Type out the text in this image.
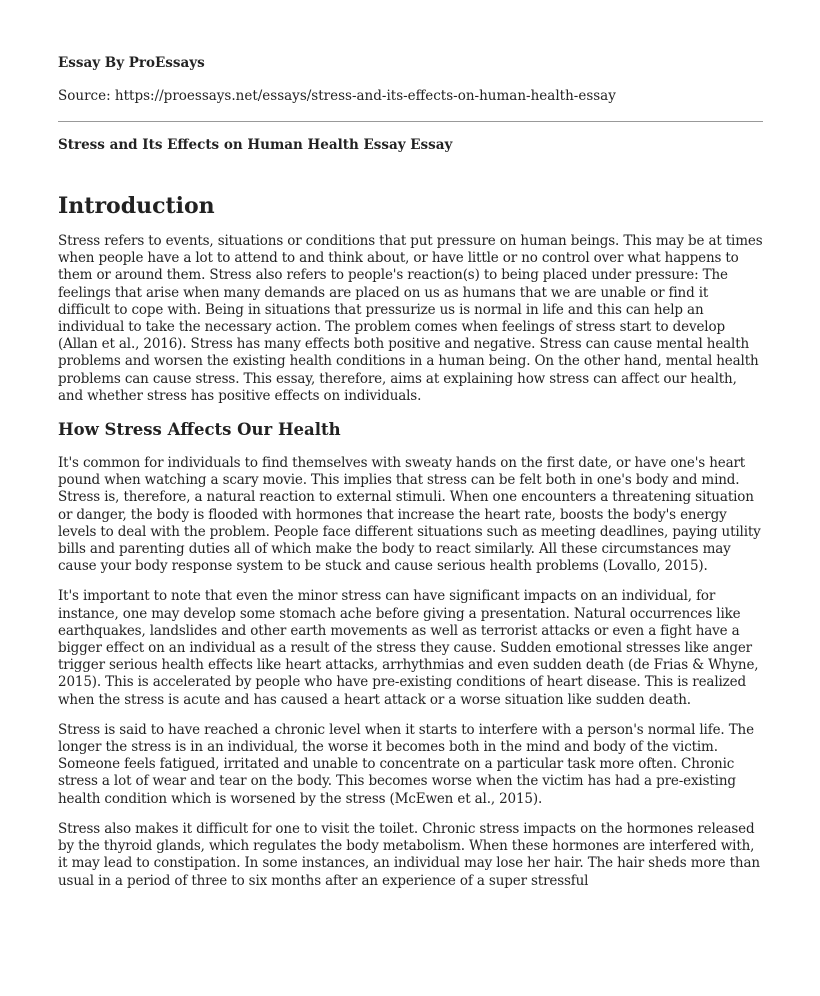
Essay By ProEssays
Source: https://proessays.net/essays/stress-and-its-effects-on-human-health-essay
Stress and Its Effects on Human Health Essay Essay
Introduction

Stress refers to events, situations or conditions that put pressure on human beings. This may be at times when people have a lot to attend to and think about, or have little or no control over what happens to them or around them. Stress also refers to people's reaction(s) to being placed under pressure: The feelings that arise when many demands are placed on us as humans that we are unable or find it difficult to cope with. Being in situations that pressurize us is normal in life and this can help an individual to take the necessary action. The problem comes when feelings of stress start to develop (Allan et al., 2016). Stress has many effects both positive and negative. Stress can cause mental health problems and worsen the existing health conditions in a human being. On the other hand, mental health problems can cause stress. This essay, therefore, aims at explaining how stress can affect our health, and whether stress has positive effects on individuals.

How Stress Affects Our Health

It's common for individuals to find themselves with sweaty hands on the first date, or have one's heart pound when watching a scary movie. This implies that stress can be felt both in one's body and mind. Stress is, therefore, a natural reaction to external stimuli. When one encounters a threatening situation or danger, the body is flooded with hormones that increase the heart rate, boosts the body's energy levels to deal with the problem. People face different situations such as meeting deadlines, paying utility bills and parenting duties all of which make the body to react similarly. All these circumstances may cause your body response system to be stuck and cause serious health problems (Lovallo, 2015).

It's important to note that even the minor stress can have significant impacts on an individual, for instance, one may develop some stomach ache before giving a presentation. Natural occurrences like earthquakes, landslides and other earth movements as well as terrorist attacks or even a fight have a bigger effect on an individual as a result of the stress they cause. Sudden emotional stresses like anger trigger serious health effects like heart attacks, arrhythmias and even sudden death (de Frias & Whyne, 2015). This is accelerated by people who have pre-existing conditions of heart disease. This is realized when the stress is acute and has caused a heart attack or a worse situation like sudden death.

Stress is said to have reached a chronic level when it starts to interfere with a person's normal life. The longer the stress is in an individual, the worse it becomes both in the mind and body of the victim. Someone feels fatigued, irritated and unable to concentrate on a particular task more often. Chronic stress a lot of wear and tear on the body. This becomes worse when the victim has had a pre-existing health condition which is worsened by the stress (McEwen et al., 2015).

Stress also makes it difficult for one to visit the toilet. Chronic stress impacts on the hormones released by the thyroid glands, which regulates the body metabolism. When these hormones are interfered with, it may lead to constipation. In some instances, an individual may lose her hair. The hair sheds more than usual in a period of three to six months after an experience of a super stressful
